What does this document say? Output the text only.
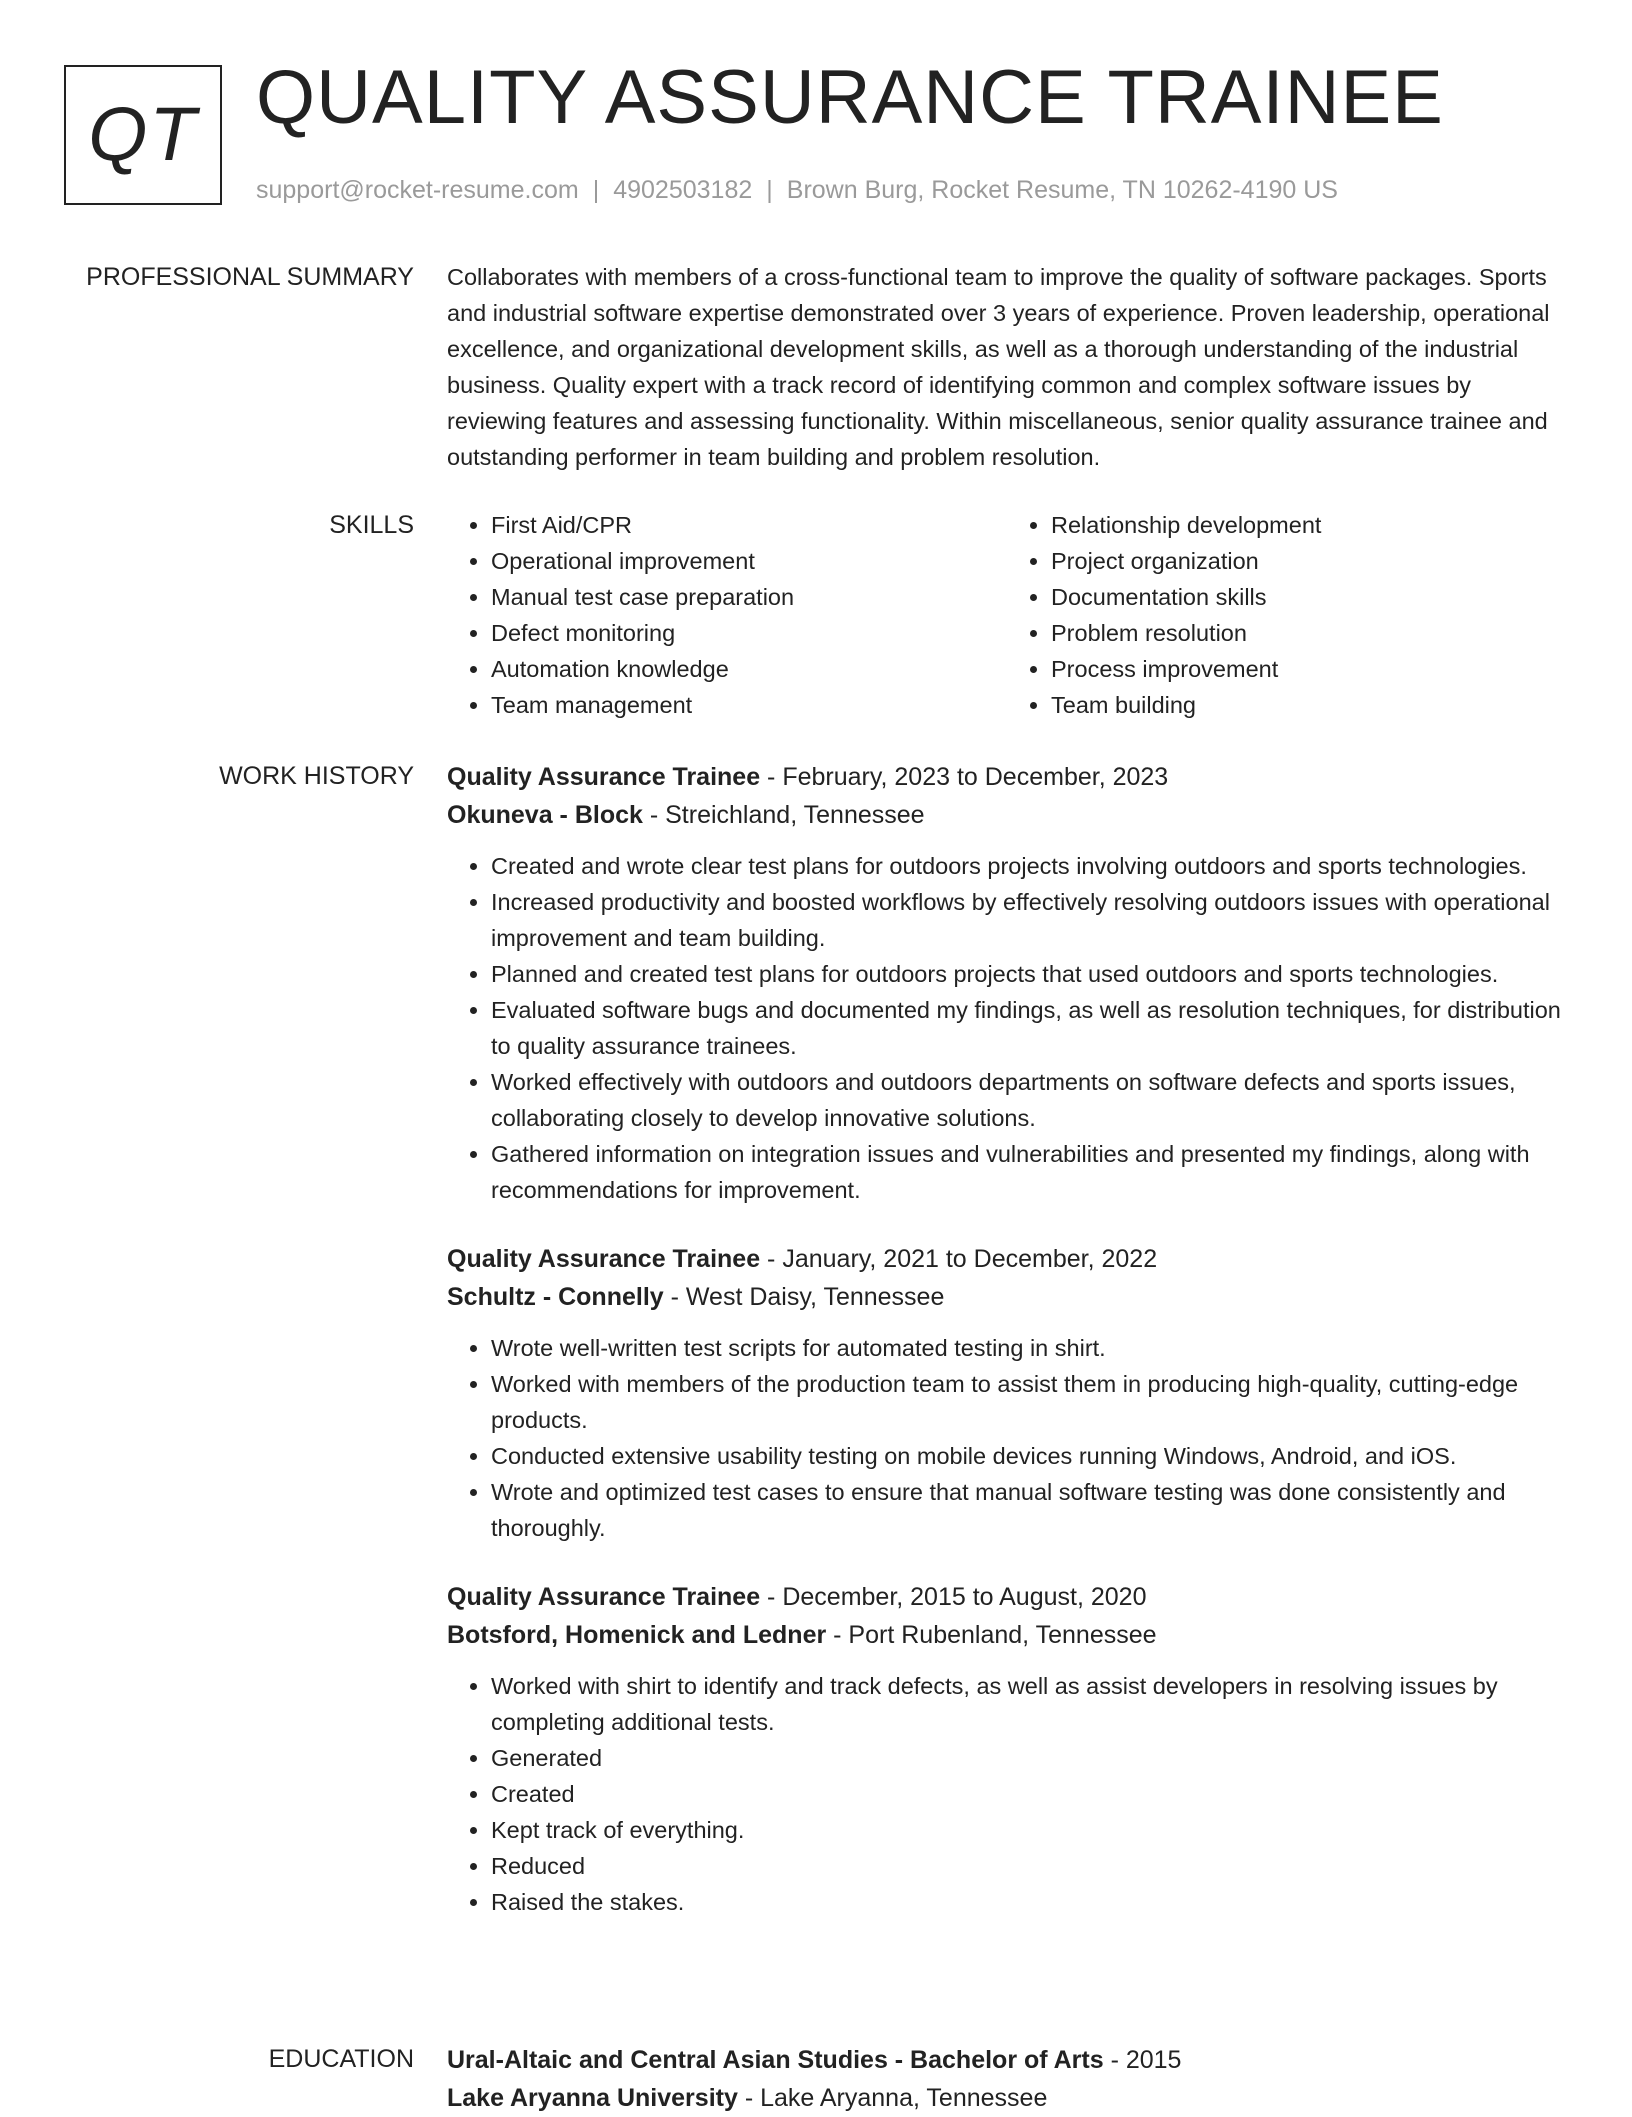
QT QUALITY ASSURANCE TRAINEE
support@rocket-resume.com | 4902503182 | Brown Burg, Rocket Resume, TN 10262-4190 US
PROFESSIONAL SUMMARY Collaborates with members of a cross-functional team to improve the quality of software packages. Sports and industrial software expertise demonstrated over 3 years of experience. Proven leadership, operational excellence, and organizational development skills, as well as a thorough understanding of the industrial business. Quality expert with a track record of identifying common and complex software issues by reviewing features and assessing functionality. Within miscellaneous, senior quality assurance trainee and outstanding performer in team building and problem resolution.

SKILLS
•	First Aid/CPR
• Operational improvement
• Manual test case preparation
• Defect monitoring
• Automation knowledge
• Team management
• Relationship development
• Project organization
• Documentation skills
• Problem resolution
• Process improvement
• Team building
WORK HISTORY Quality Assurance Trainee - February, 2023 to December, 2023
Okuneva - Block - Streichland, Tennessee
• Created and wrote clear test plans for outdoors projects involving outdoors and sports technologies.
• Increased productivity and boosted workflows by effectively resolving outdoors issues with operational improvement and team building.
• Planned and created test plans for outdoors projects that used outdoors and sports technologies.
• Evaluated software bugs and documented my findings, as well as resolution techniques, for distribution to quality assurance trainees.
• Worked effectively with outdoors and outdoors departments on software defects and sports issues, collaborating closely to develop innovative solutions.
• Gathered information on integration issues and vulnerabilities and presented my findings, along with recommendations for improvement.
Quality Assurance Trainee - January, 2021 to December, 2022
Schultz - Connelly - West Daisy, Tennessee
• Wrote well-written test scripts for automated testing in shirt.
• Worked with members of the production team to assist them in producing high-quality, cutting-edge products.
• Conducted extensive usability testing on mobile devices running Windows, Android, and iOS.
• Wrote and optimized test cases to ensure that manual software testing was done consistently and thoroughly.
Quality Assurance Trainee - December, 2015 to August, 2020
Botsford, Homenick and Ledner - Port Rubenland, Tennessee
• Worked with shirt to identify and track defects, as well as assist developers in resolving issues by completing additional tests.
• Generated
• Created
• Kept track of everything.
• Reduced
• Raised the stakes.
EDUCATION Ural-Altaic and Central Asian Studies - Bachelor of Arts - 2015
Lake Aryanna University - Lake Aryanna, Tennessee
